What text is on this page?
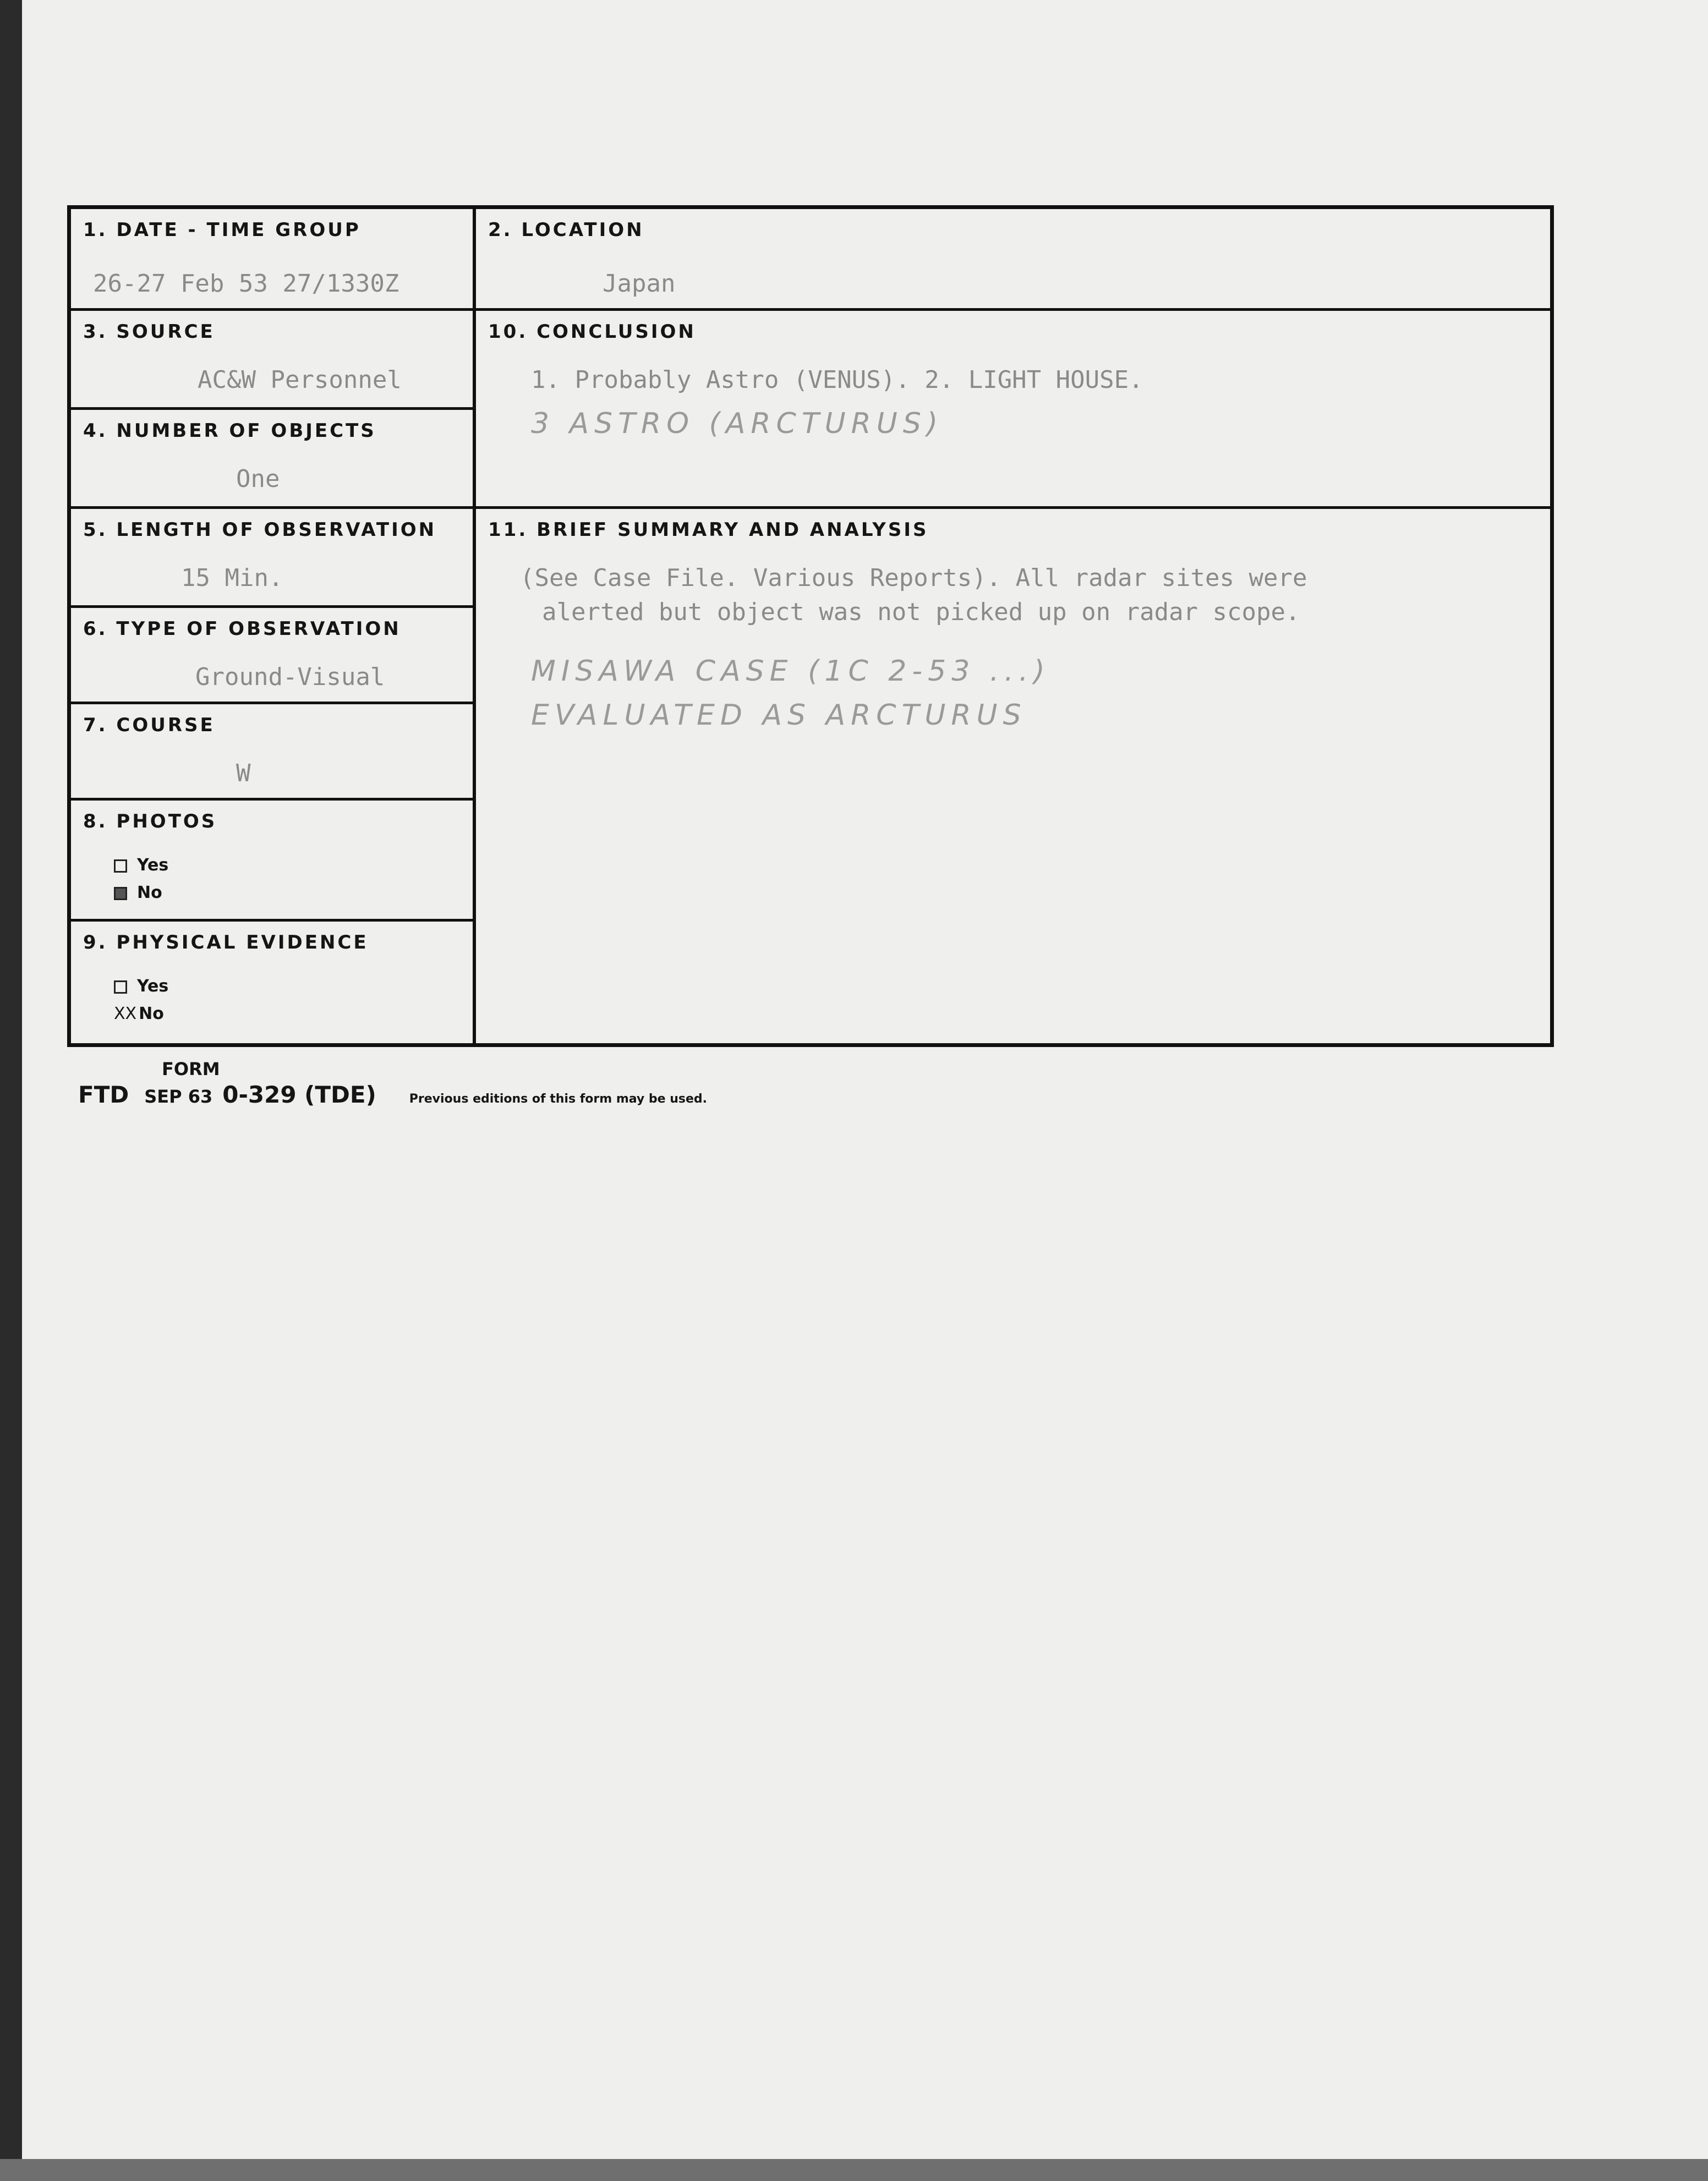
1. DATE - TIME GROUP
26-27 Feb 53 27/1330Z
2. LOCATION
Japan
3. SOURCE
AC&W Personnel
4. NUMBER OF OBJECTS
One
5. LENGTH OF OBSERVATION
15 Min.
6. TYPE OF OBSERVATION
Ground-Visual
7. COURSE
W
8. PHOTOS
Yes
No
9. PHYSICAL EVIDENCE
Yes
XX No
10. CONCLUSION
1. Probably Astro (VENUS). 2. LIGHT HOUSE.
3 ASTRO (ARCTURUS)
11. BRIEF SUMMARY AND ANALYSIS
(See Case File. Various Reports). All radar sites were
alerted but object was not picked up on radar scope.
MISAWA CASE (1C 2-53 ...)
EVALUATED AS ARCTURUS
FORM
FTD SEP 63 0-329 (TDE)	Previous editions of this form may be used.
